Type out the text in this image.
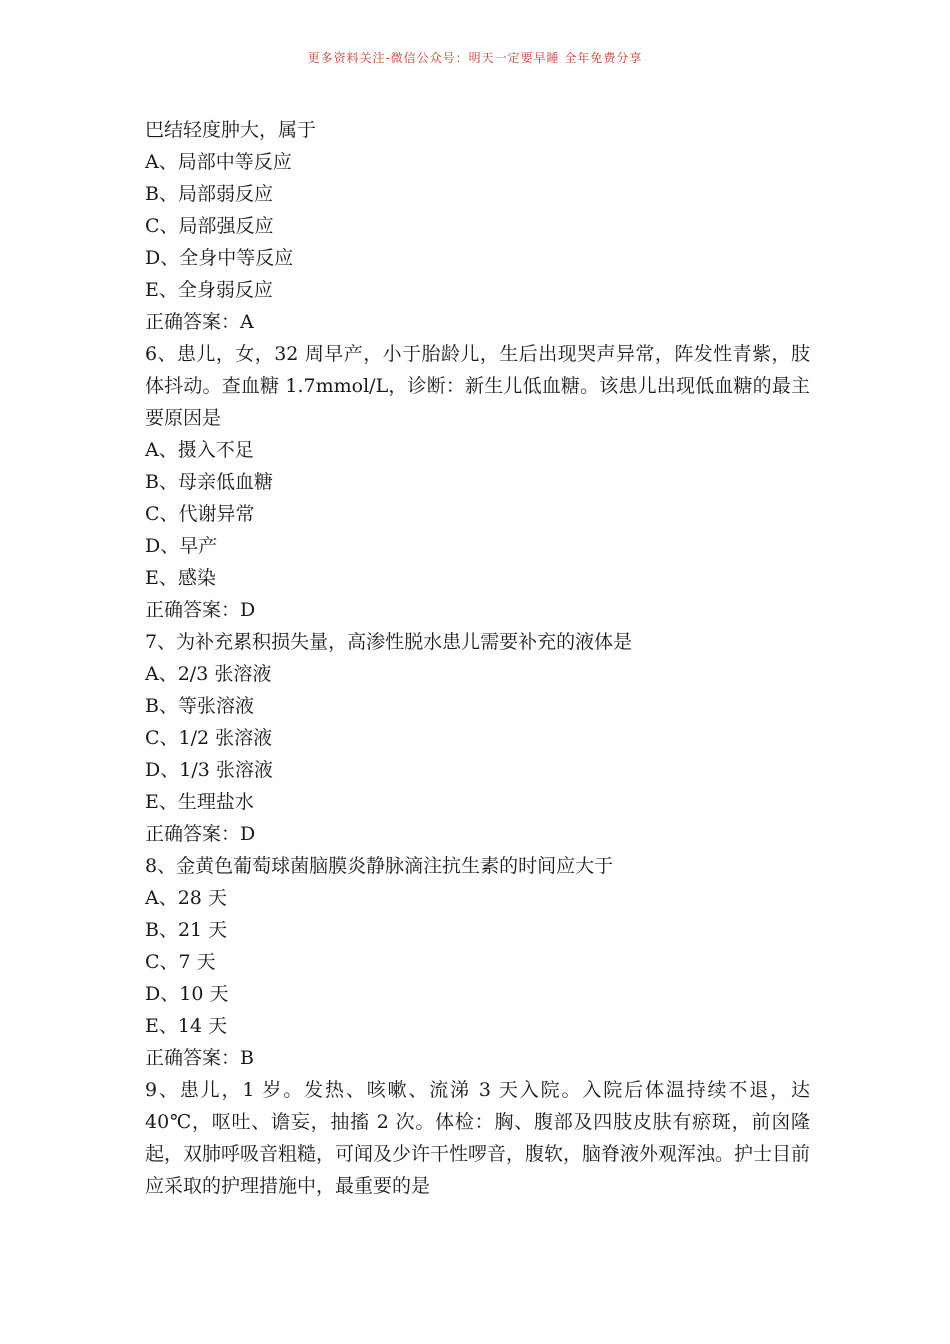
更多资料关注-微信公众号：明天一定要早睡 全年免费分享
巴结轻度肿大，属于
A、局部中等反应
B、局部弱反应
C、局部强反应
D、全身中等反应
E、全身弱反应
正确答案：A
6、患儿，女，32 周早产，小于胎龄儿，生后出现哭声异常，阵发性青紫，肢体抖动。查血糖 1.7mmol/L，诊断：新生儿低血糖。该患儿出现低血糖的最主要原因是
A、摄入不足
B、母亲低血糖
C、代谢异常
D、早产
E、感染
正确答案：D
7、为补充累积损失量，高渗性脱水患儿需要补充的液体是
A、2/3 张溶液
B、等张溶液
C、1/2 张溶液
D、1/3 张溶液
E、生理盐水
正确答案：D
8、金黄色葡萄球菌脑膜炎静脉滴注抗生素的时间应大于
A、28 天
B、21 天
C、7 天
D、10 天
E、14 天
正确答案：B
9、患儿，1 岁。发热、咳嗽、流涕 3 天入院。入院后体温持续不退，达 40℃，呕吐、谵妄，抽搐 2 次。体检：胸、腹部及四肢皮肤有瘀斑，前囟隆起，双肺呼吸音粗糙，可闻及少许干性啰音，腹软，脑脊液外观浑浊。护士目前应采取的护理措施中，最重要的是
